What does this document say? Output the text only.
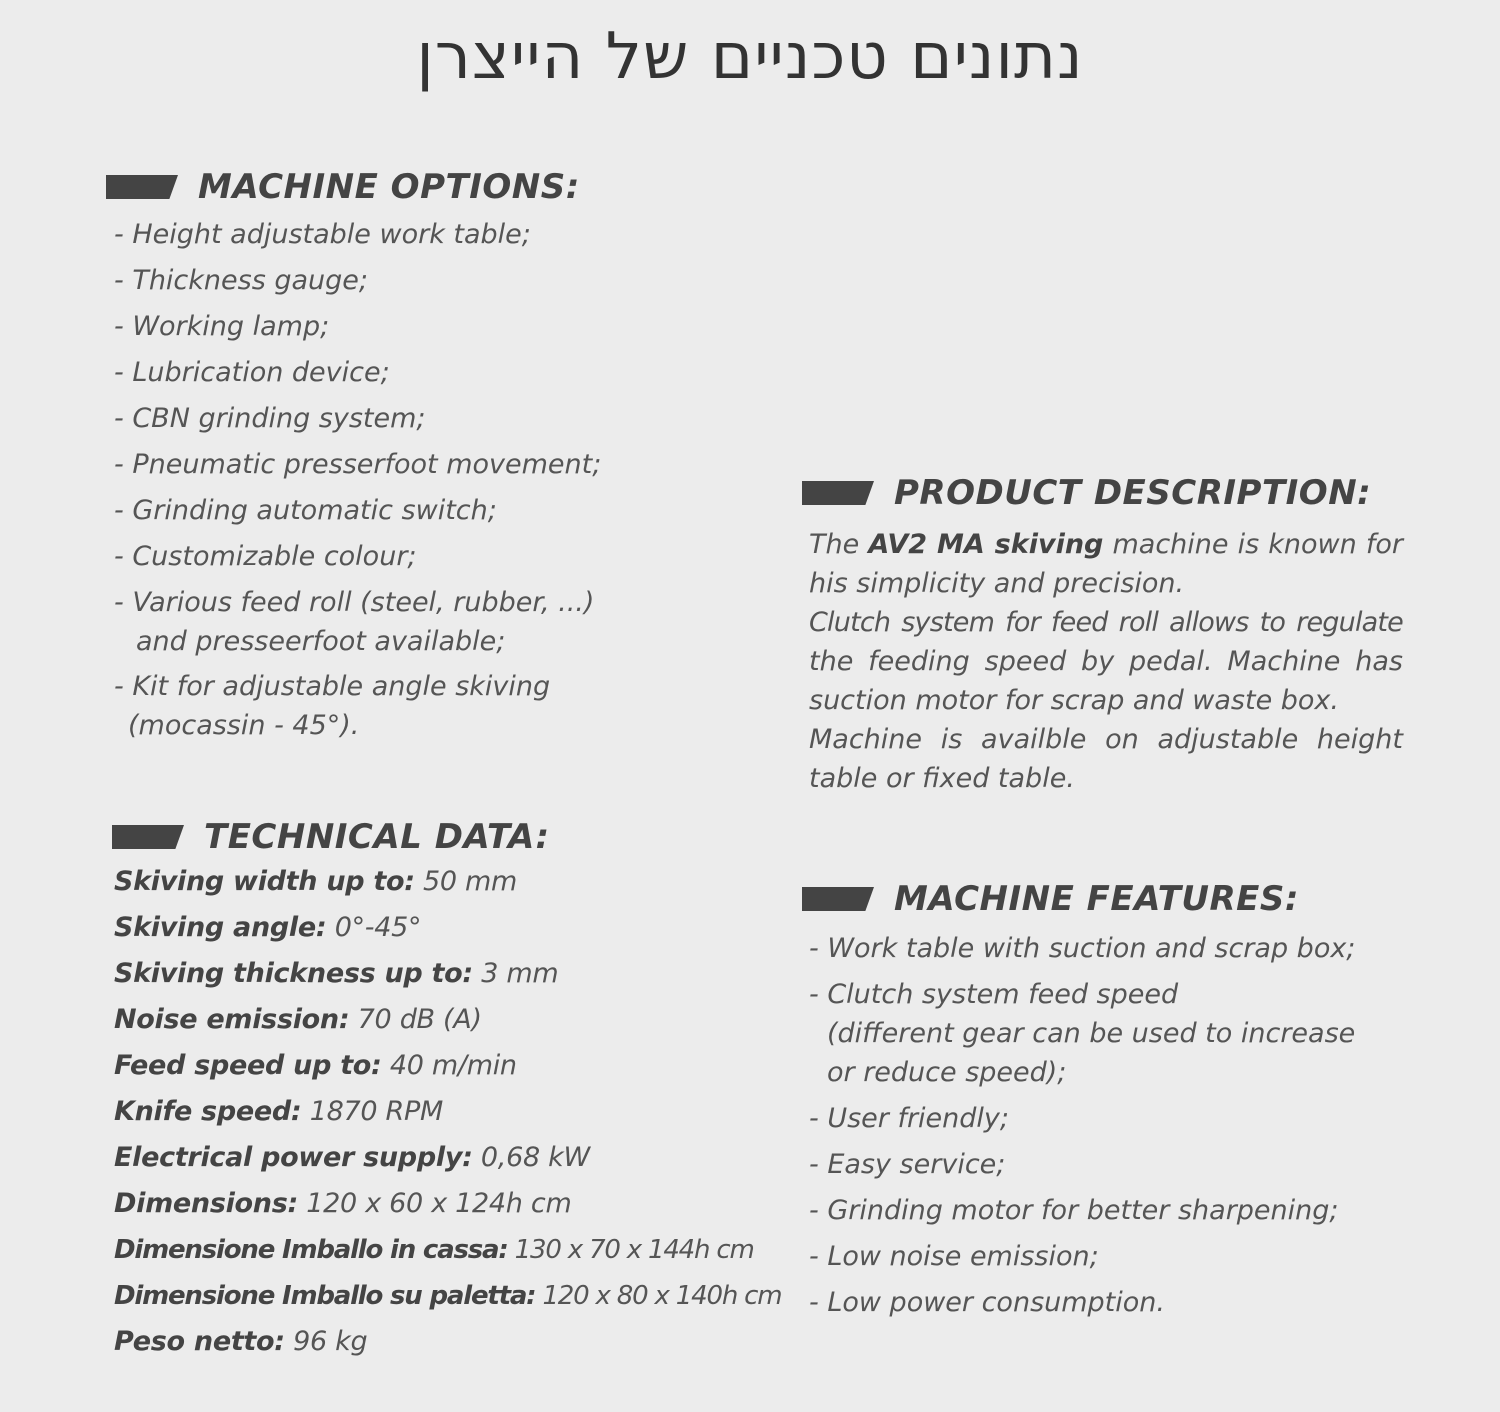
נתונים טכניים של הייצרן
MACHINE OPTIONS:
- Height adjustable work table;
- Thickness gauge;
- Working lamp;
- Lubrication device;
- CBN grinding system;
- Pneumatic presserfoot movement;
- Grinding automatic switch;
- Customizable colour;
- Various feed roll (steel, rubber, ...)
and presseerfoot available;
- Kit for adjustable angle skiving
(mocassin - 45°).
TECHNICAL DATA:
Skiving width up to: 50 mm
Skiving angle: 0°-45°
Skiving thickness up to: 3 mm
Noise emission: 70 dB (A)
Feed speed up to: 40 m/min
Knife speed: 1870 RPM
Electrical power supply: 0,68 kW
Dimensions: 120 x 60 x 124h cm
Dimensione Imballo in cassa: 130 x 70 x 144h cm
Dimensione Imballo su paletta: 120 x 80 x 140h cm
Peso netto: 96 kg
PRODUCT DESCRIPTION:

The AV2 MA skiving machine is known for
his simplicity and precision.
Clutch system for feed roll allows to regulate
the feeding speed by pedal. Machine has
suction motor for scrap and waste box.
Machine is availble on adjustable height
table or fixed table.

MACHINE FEATURES:
- Work table with suction and scrap box;
- Clutch system feed speed
(different gear can be used to increase
or reduce speed);
- User friendly;
- Easy service;
- Grinding motor for better sharpening;
- Low noise emission;
- Low power consumption.
